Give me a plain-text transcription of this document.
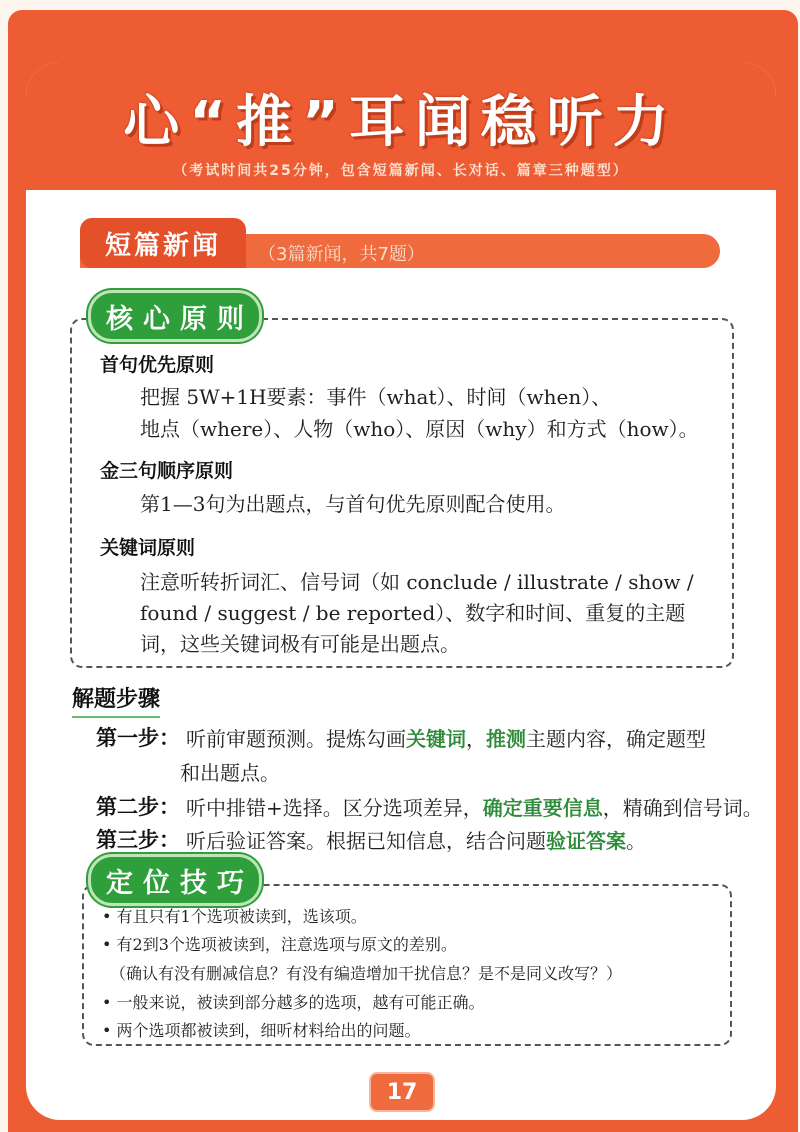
心“推”耳闻稳听力
（考试时间共25分钟，包含短篇新闻、长对话、篇章三种题型）
短篇新闻 （3篇新闻，共7题）
核心原则
首句优先原则
把握 5W+1H要素：事件（what）、时间（when）、
地点（where）、人物（who）、原因（why）和方式（how）。
金三句顺序原则
第1—3句为出题点，与首句优先原则配合使用。
关键词原则
注意听转折词汇、信号词（如 conclude / illustrate / show /
found / suggest / be reported）、数字和时间、重复的主题
词，这些关键词极有可能是出题点。
解题步骤
第一步： 听前审题预测。提炼勾画关键词，推测主题内容，确定题型
和出题点。
第二步： 听中排错+选择。区分选项差异，确定重要信息，精确到信号词。
第三步： 听后验证答案。根据已知信息，结合问题验证答案。
定位技巧
• 有且只有1个选项被读到，选该项。
• 有2到3个选项被读到，注意选项与原文的差别。
（确认有没有删减信息？有没有编造增加干扰信息？是不是同义改写？）
• 一般来说，被读到部分越多的选项，越有可能正确。
• 两个选项都被读到，细听材料给出的问题。
17
